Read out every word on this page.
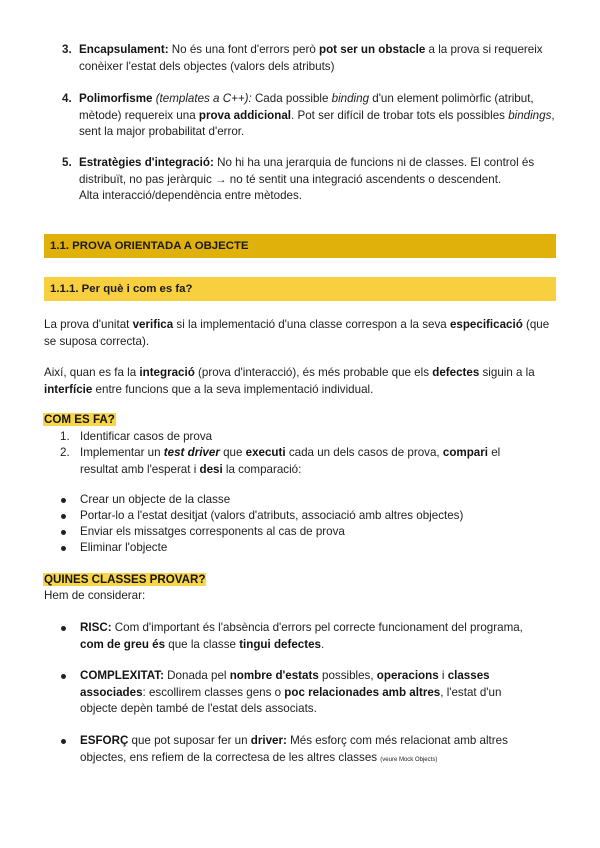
3. Encapsulament: No és una font d'errors però pot ser un obstacle a la prova si requereix conèixer l'estat dels objectes (valors dels atributs)
4. Polimorfisme (templates a C++): Cada possible binding d'un element polimòrfic (atribut, mètode) requereix una prova addicional. Pot ser difícil de trobar tots els possibles bindings, sent la major probabilitat d'error.
5. Estratègies d'integració: No hi ha una jerarquia de funcions ni de classes. El control és distribuït, no pas jeràrquic → no té sentit una integració ascendents o descendent.
Alta interacció/dependència entre mètodes.
1.1. PROVA ORIENTADA A OBJECTE
1.1.1. Per què i com es fa?
La prova d'unitat verifica si la implementació d'una classe correspon a la seva especificació (que se suposa correcta).
Així, quan es fa la integració (prova d'interacció), és més probable que els defectes siguin a la interfície entre funcions que a la seva implementació individual.
COM ES FA?
1. Identificar casos de prova
2. Implementar un test driver que executi cada un dels casos de prova, compari el resultat amb l'esperat i desi la comparació:
Crear un objecte de la classe
Portar-lo a l'estat desitjat (valors d'atributs, associació amb altres objectes)
Enviar els missatges corresponents al cas de prova
Eliminar l'objecte
QUINES CLASSES PROVAR?
Hem de considerar:
RISC: Com d'important és l'absència d'errors pel correcte funcionament del programa, com de greu és que la classe tingui defectes.
COMPLEXITAT: Donada pel nombre d'estats possibles, operacions i classes associades: escollirem classes gens o poc relacionades amb altres, l'estat d'un objecte depèn també de l'estat dels associats.
ESFORÇ que pot suposar fer un driver: Més esforç com més relacionat amb altres objectes, ens refiem de la correctesa de les altres classes (veure Mock Objects)
